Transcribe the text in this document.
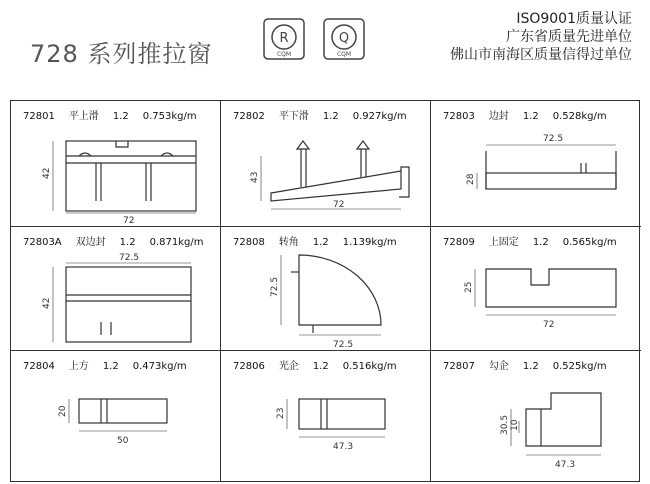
728 系列推拉窗
R
CQM
Q
CQM
ISO9001质量认证
广东省质量先进单位
佛山市南海区质量信得过单位
72801 平上滑 1.2 0.753kg/m
42
72
72802 平下滑 1.2 0.927kg/m
43
72
72803 边封 1.2 0.528kg/m
72.5
28
72803A 双边封 1.2 0.871kg/m
72.5
42
72808 转角 1.2 1.139kg/m
72.5
72.5
72809 上固定 1.2 0.565kg/m
25
72
72804 上方 1.2 0.473kg/m
20
50
72806 光企 1.2 0.516kg/m
23
47.3
72807 勾企 1.2 0.525kg/m
30.5 10
47.3
